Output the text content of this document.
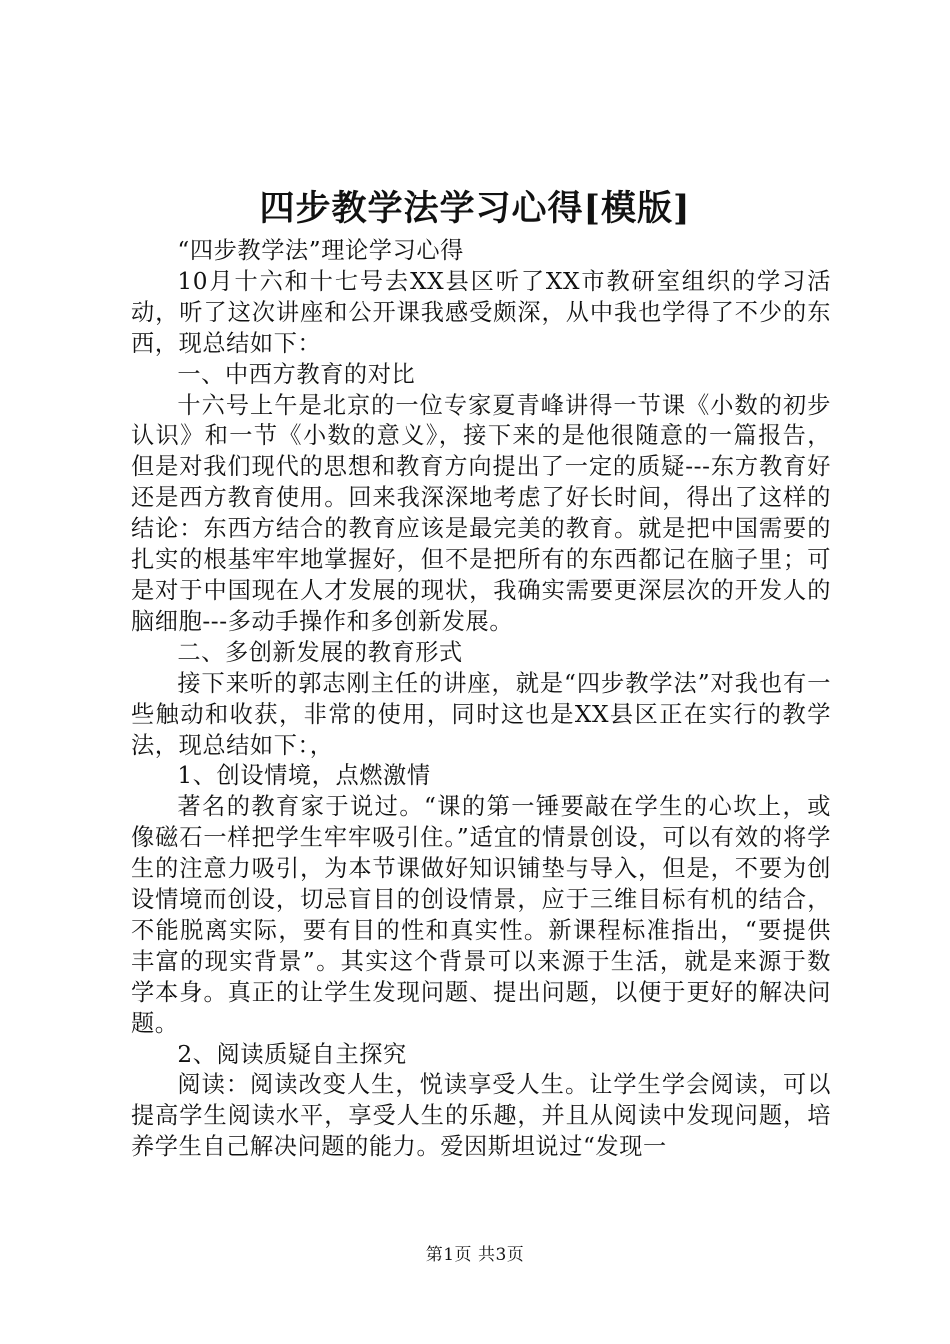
四步教学法学习心得[模版]

“四步教学法”理论学习心得

10月十六和十七号去XX县区听了XX市教研室组织的学习活动，听了这次讲座和公开课我感受颇深，从中我也学得了不少的东西，现总结如下：

一、中西方教育的对比

十六号上午是北京的一位专家夏青峰讲得一节课《小数的初步认识》和一节《小数的意义》，接下来的是他很随意的一篇报告，但是对我们现代的思想和教育方向提出了一定的质疑---东方教育好还是西方教育使用。回来我深深地考虑了好长时间，得出了这样的结论：东西方结合的教育应该是最完美的教育。就是把中国需要的扎实的根基牢牢地掌握好，但不是把所有的东西都记在脑子里；可是对于中国现在人才发展的现状，我确实需要更深层次的开发人的脑细胞---多动手操作和多创新发展。

二、多创新发展的教育形式

接下来听的郭志刚主任的讲座，就是“四步教学法”对我也有一些触动和收获，非常的使用，同时这也是XX县区正在实行的教学法，现总结如下：，

1、创设情境，点燃激情

著名的教育家于说过。“课的第一锤要敲在学生的心坎上，或像磁石一样把学生牢牢吸引住。”适宜的情景创设，可以有效的将学生的注意力吸引，为本节课做好知识铺垫与导入，但是，不要为创设情境而创设，切忌盲目的创设情景，应于三维目标有机的结合，不能脱离实际，要有目的性和真实性。新课程标准指出，“要提供丰富的现实背景”。其实这个背景可以来源于生活，就是来源于数学本身。真正的让学生发现问题、提出问题，以便于更好的解决问题。

2、阅读质疑自主探究

阅读：阅读改变人生，悦读享受人生。让学生学会阅读，可以提高学生阅读水平，享受人生的乐趣，并且从阅读中发现问题，培养学生自己解决问题的能力。爱因斯坦说过“发现一

第1页 共3页
